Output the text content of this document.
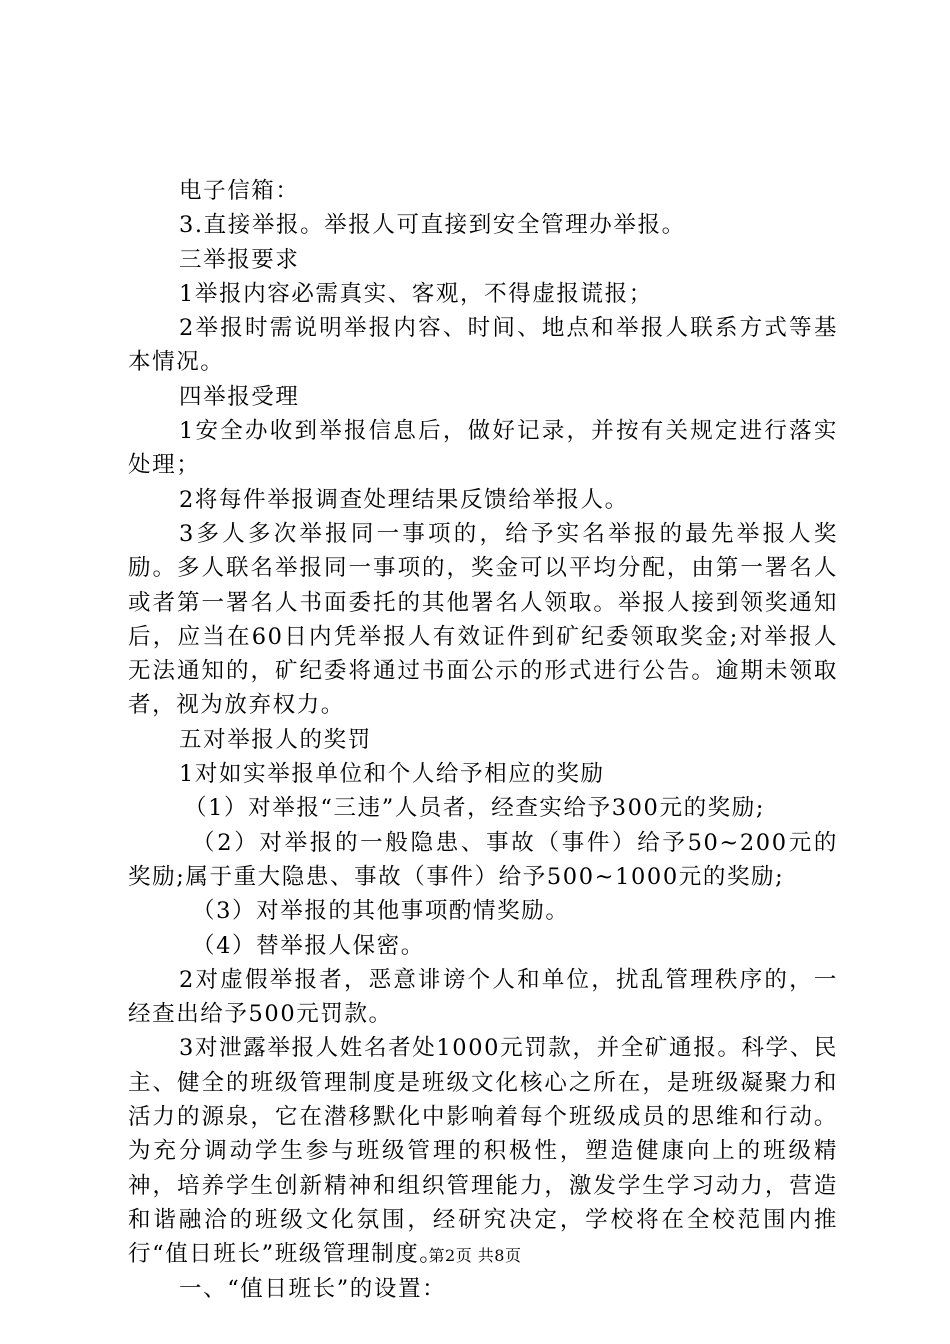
电子信箱：

3.直接举报。举报人可直接到安全管理办举报。

三举报要求

1举报内容必需真实、客观，不得虚报谎报；

2举报时需说明举报内容、时间、地点和举报人联系方式等基本情况。

四举报受理

1安全办收到举报信息后，做好记录，并按有关规定进行落实处理；

2将每件举报调查处理结果反馈给举报人。

3多人多次举报同一事项的，给予实名举报的最先举报人奖励。多人联名举报同一事项的，奖金可以平均分配，由第一署名人或者第一署名人书面委托的其他署名人领取。举报人接到领奖通知后，应当在60日内凭举报人有效证件到矿纪委领取奖金;对举报人无法通知的，矿纪委将通过书面公示的形式进行公告。逾期未领取者，视为放弃权力。

五对举报人的奖罚

1对如实举报单位和个人给予相应的奖励

（1）对举报“三违”人员者，经查实给予300元的奖励;

（2）对举报的一般隐患、事故（事件）给予50~200元的奖励;属于重大隐患、事故（事件）给予500~1000元的奖励;

（3）对举报的其他事项酌情奖励。

（4）替举报人保密。

2对虚假举报者，恶意诽谤个人和单位，扰乱管理秩序的，一经查出给予500元罚款。

3对泄露举报人姓名者处1000元罚款，并全矿通报。科学、民主、健全的班级管理制度是班级文化核心之所在，是班级凝聚力和活力的源泉，它在潜移默化中影响着每个班级成员的思维和行动。为充分调动学生参与班级管理的积极性，塑造健康向上的班级精神，培养学生创新精神和组织管理能力，激发学生学习动力，营造和谐融洽的班级文化氛围，经研究决定，学校将在全校范围内推行“值日班长”班级管理制度。

一、“值日班长”的设置：

第2页 共8页
